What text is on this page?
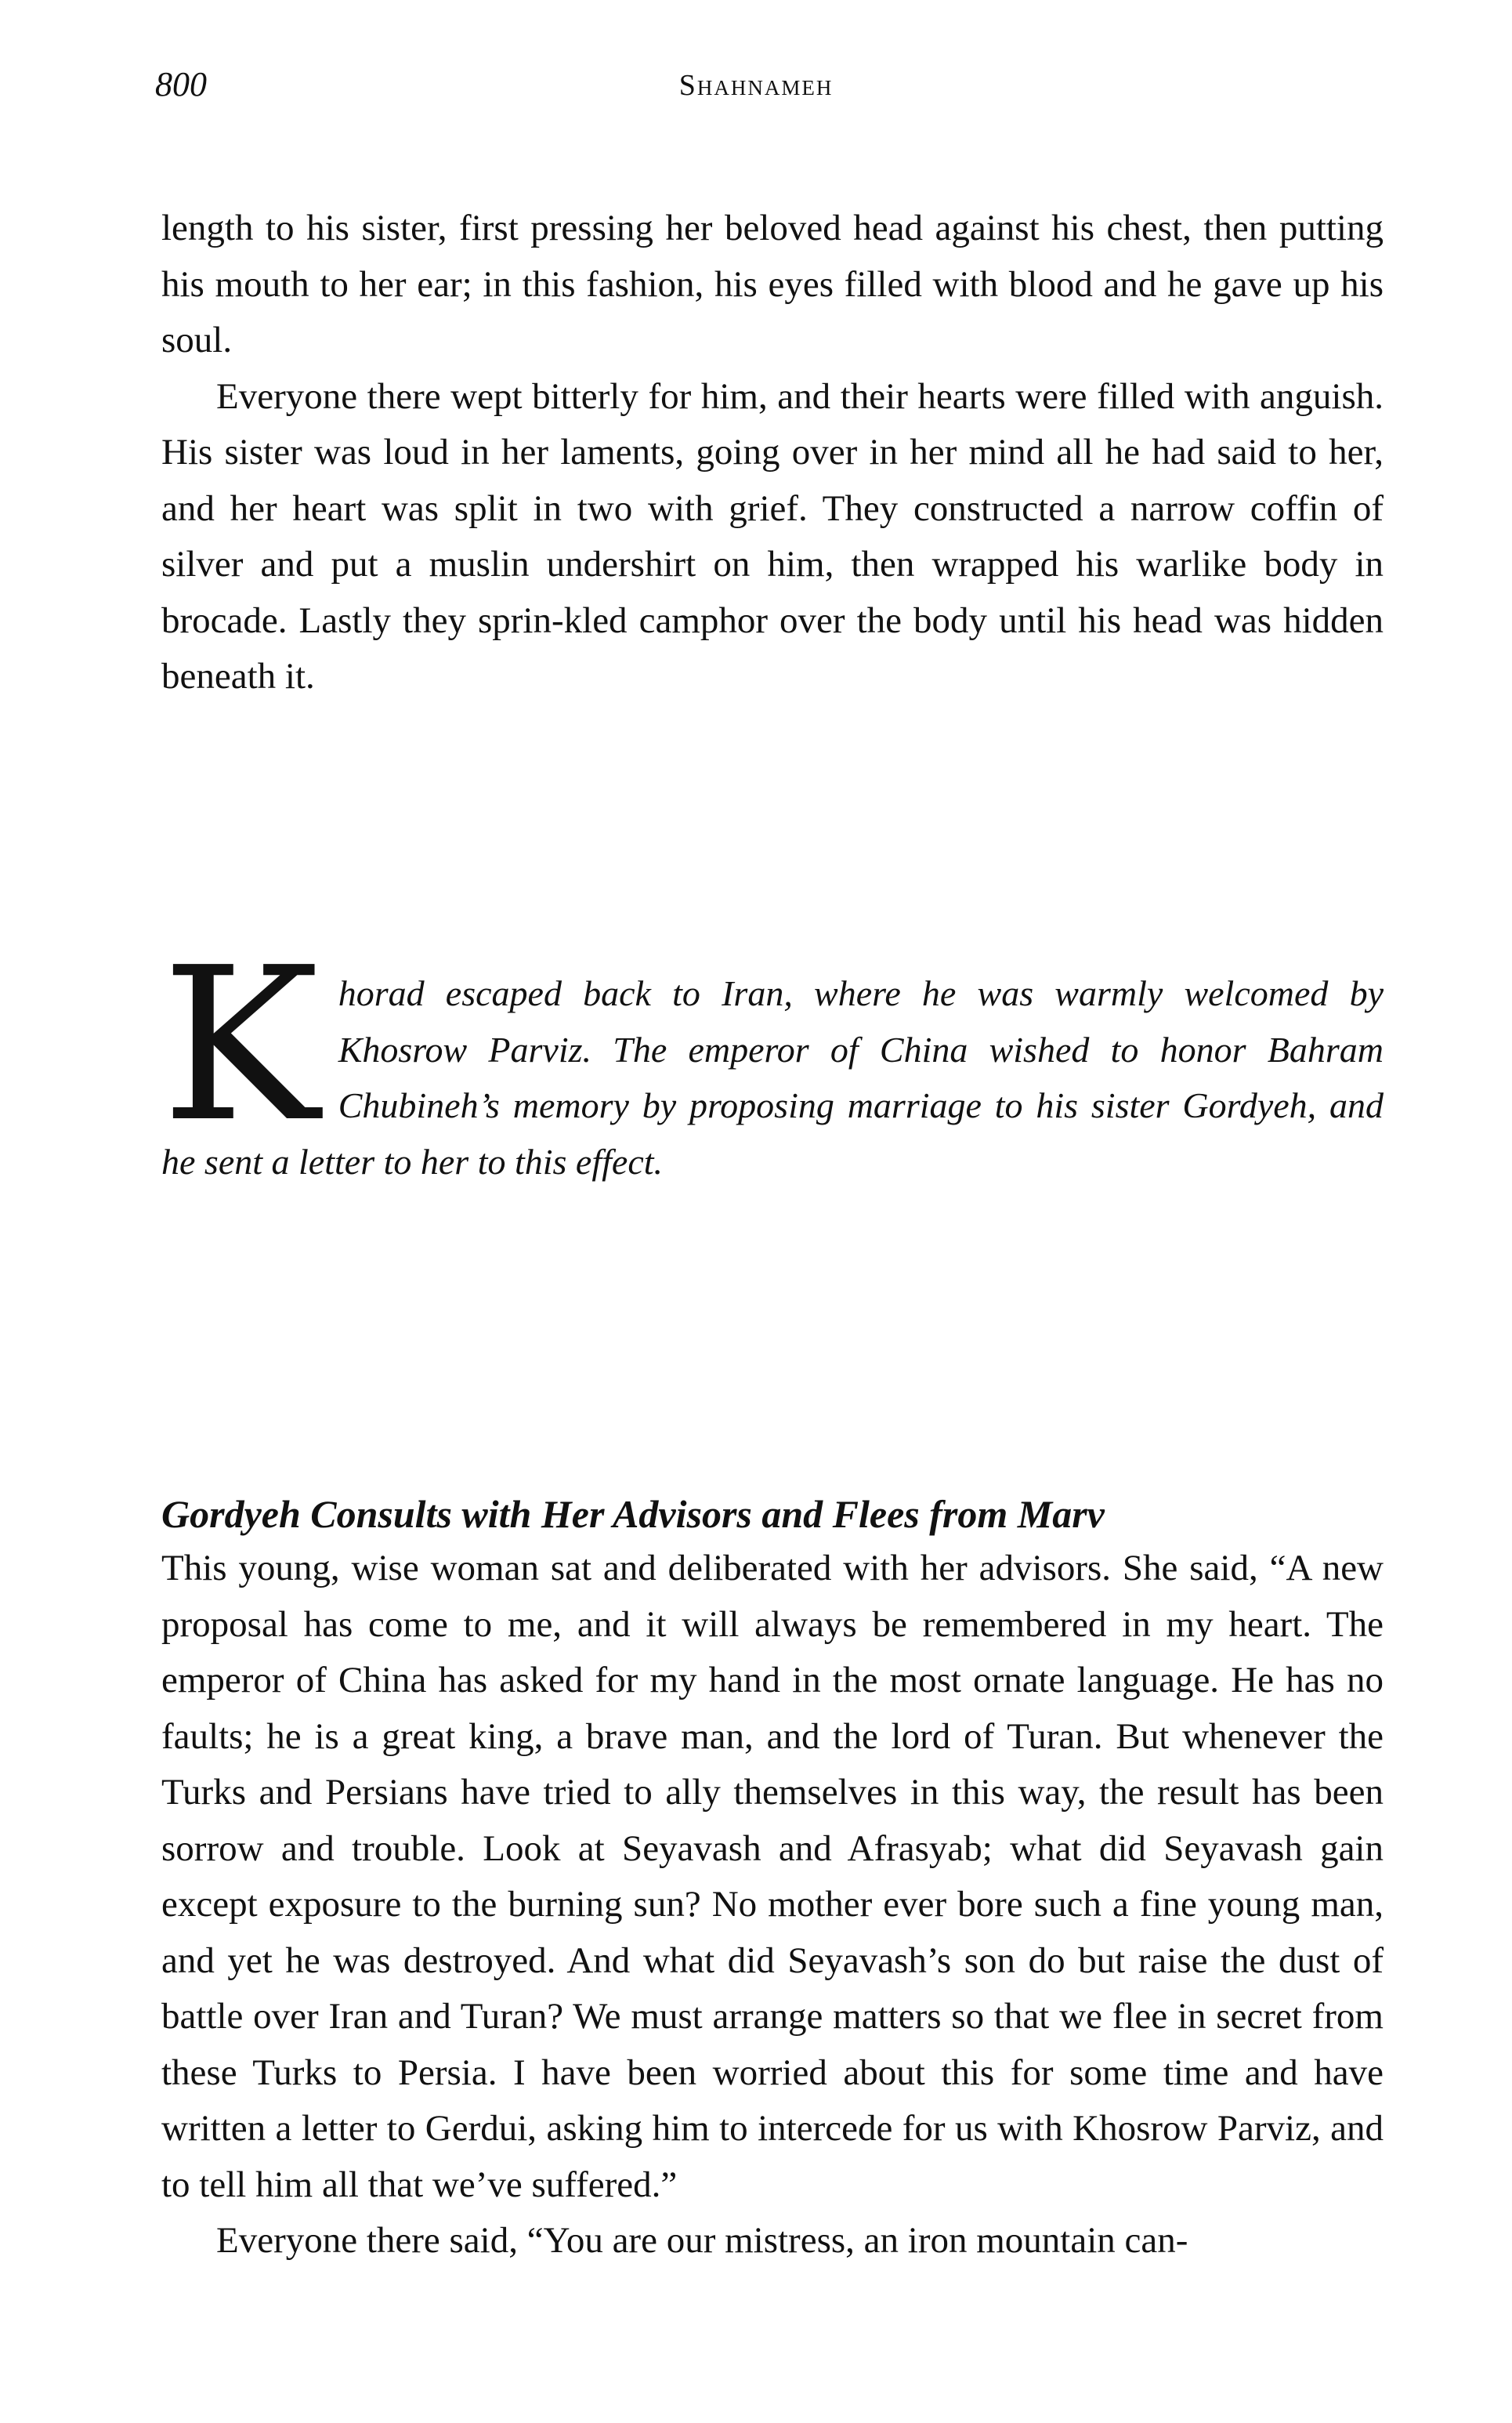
800	Shahnameh

length to his sister, first pressing her beloved head against his chest, then putting his mouth to her ear; in this fashion, his eyes filled with blood and he gave up his soul.

Everyone there wept bitterly for him, and their hearts were filled with anguish. His sister was loud in her laments, going over in her mind all he had said to her, and her heart was split in two with grief. They constructed a narrow coffin of silver and put a muslin undershirt on him, then wrapped his warlike body in brocade. Lastly they sprin-kled camphor over the body until his head was hidden beneath it.

K horad escaped back to Iran, where he was warmly welcomed by Khosrow Parviz. The emperor of China wished to honor Bahram Chubineh’s memory by proposing marriage to his sister Gordyeh, and he sent a letter to her to this effect.
Gordyeh Consults with Her Advisors and Flees from Marv

This young, wise woman sat and deliberated with her advisors. She said, “A new proposal has come to me, and it will always be remembered in my heart. The emperor of China has asked for my hand in the most ornate language. He has no faults; he is a great king, a brave man, and the lord of Turan. But whenever the Turks and Persians have tried to ally themselves in this way, the result has been sorrow and trouble. Look at Seyavash and Afrasyab; what did Seyavash gain except exposure to the burning sun? No mother ever bore such a fine young man, and yet he was destroyed. And what did Seyavash’s son do but raise the dust of battle over Iran and Turan? We must arrange matters so that we flee in secret from these Turks to Persia. I have been worried about this for some time and have written a letter to Gerdui, asking him to intercede for us with Khosrow Parviz, and to tell him all that we’ve suffered.”

Everyone there said, “You are our mistress, an iron mountain can-
